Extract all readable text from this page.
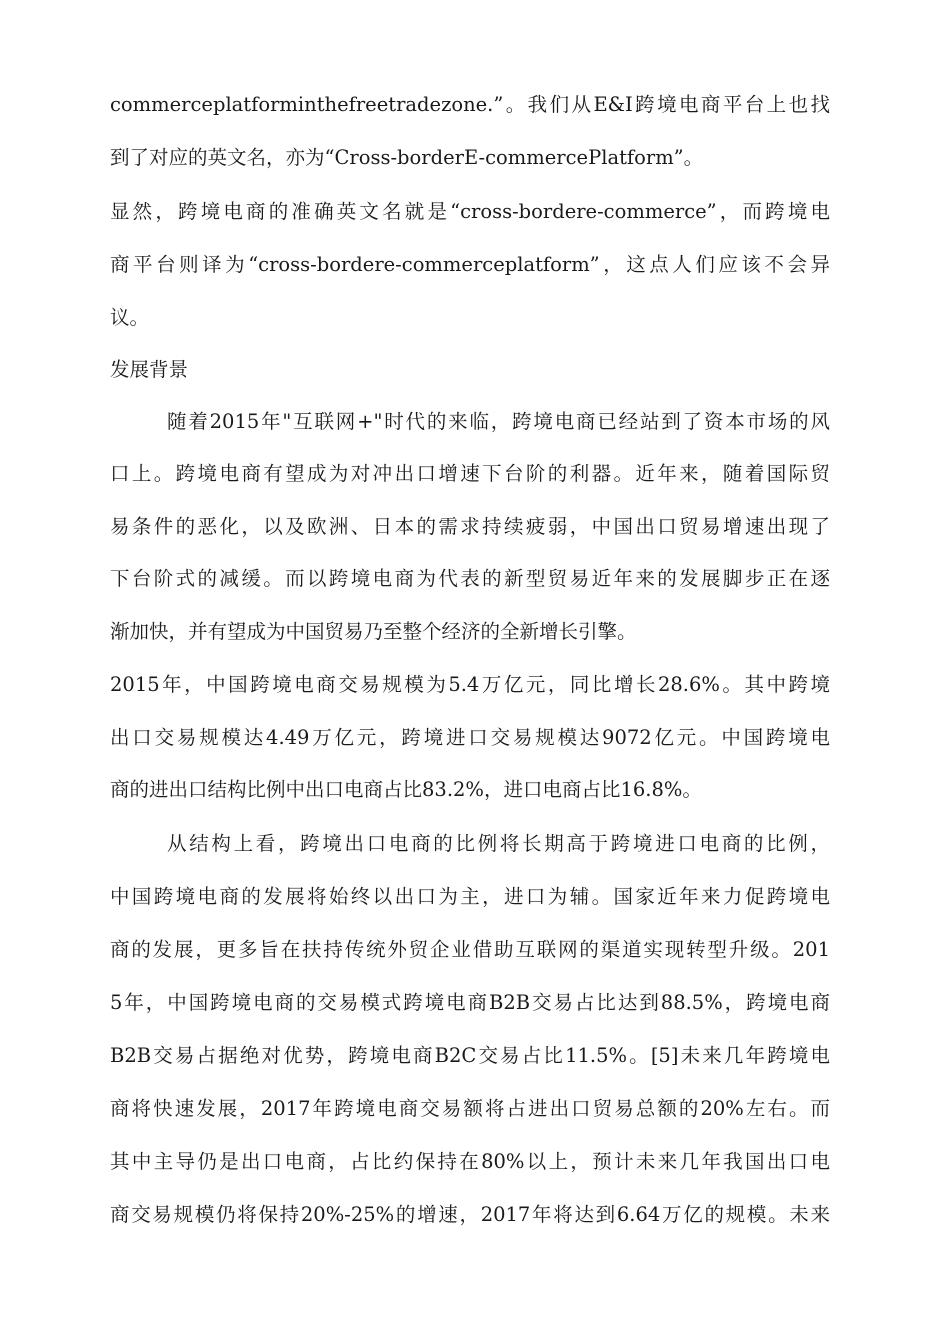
commerceplatforminthefreetradezone.”。我们从E&I跨境电商平台上也找
到了对应的英文名，亦为“Cross-borderE-commercePlatform”。
显然，跨境电商的准确英文名就是“cross-bordere-commerce”，而跨境电
商平台则译为“cross-bordere-commerceplatform”，这点人们应该不会异
议。
发展背景
随着2015年"互联网+"时代的来临，跨境电商已经站到了资本市场的风
口上。跨境电商有望成为对冲出口增速下台阶的利器。近年来，随着国际贸
易条件的恶化，以及欧洲、日本的需求持续疲弱，中国出口贸易增速出现了
下台阶式的减缓。而以跨境电商为代表的新型贸易近年来的发展脚步正在逐
渐加快，并有望成为中国贸易乃至整个经济的全新增长引擎。
2015年，中国跨境电商交易规模为5.4万亿元，同比增长28.6%。其中跨境
出口交易规模达4.49万亿元，跨境进口交易规模达9072亿元。中国跨境电
商的进出口结构比例中出口电商占比83.2%，进口电商占比16.8%。
从结构上看，跨境出口电商的比例将长期高于跨境进口电商的比例，
中国跨境电商的发展将始终以出口为主，进口为辅。国家近年来力促跨境电
商的发展，更多旨在扶持传统外贸企业借助互联网的渠道实现转型升级。201
5年，中国跨境电商的交易模式跨境电商B2B交易占比达到88.5%，跨境电商
B2B交易占据绝对优势，跨境电商B2C交易占比11.5%。[5]未来几年跨境电
商将快速发展，2017年跨境电商交易额将占进出口贸易总额的20%左右。而
其中主导仍是出口电商，占比约保持在80%以上，预计未来几年我国出口电
商交易规模仍将保持20%-25%的增速，2017年将达到6.64万亿的规模。未来
